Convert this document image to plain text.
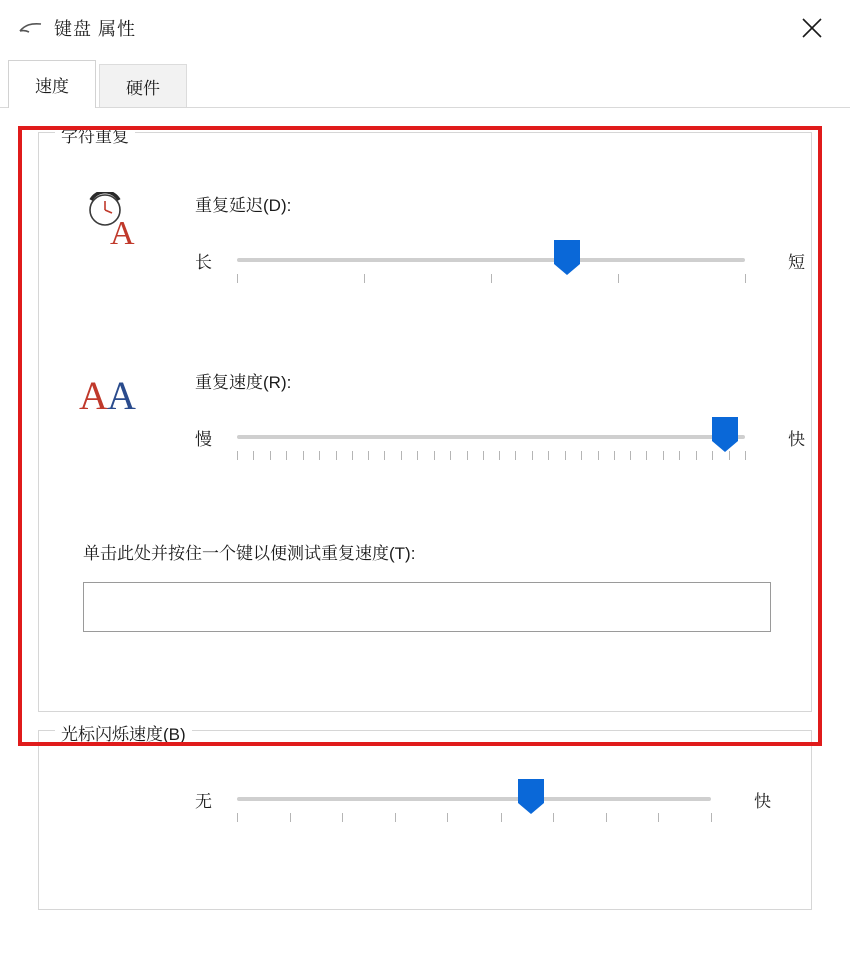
键盘 属性
速度	硬件
字符重复
A
重复延迟(D):
长	短
A A	重复速度(R):
慢	快
单击此处并按住一个键以便测试重复速度(T):
光标闪烁速度(B)
无	快
